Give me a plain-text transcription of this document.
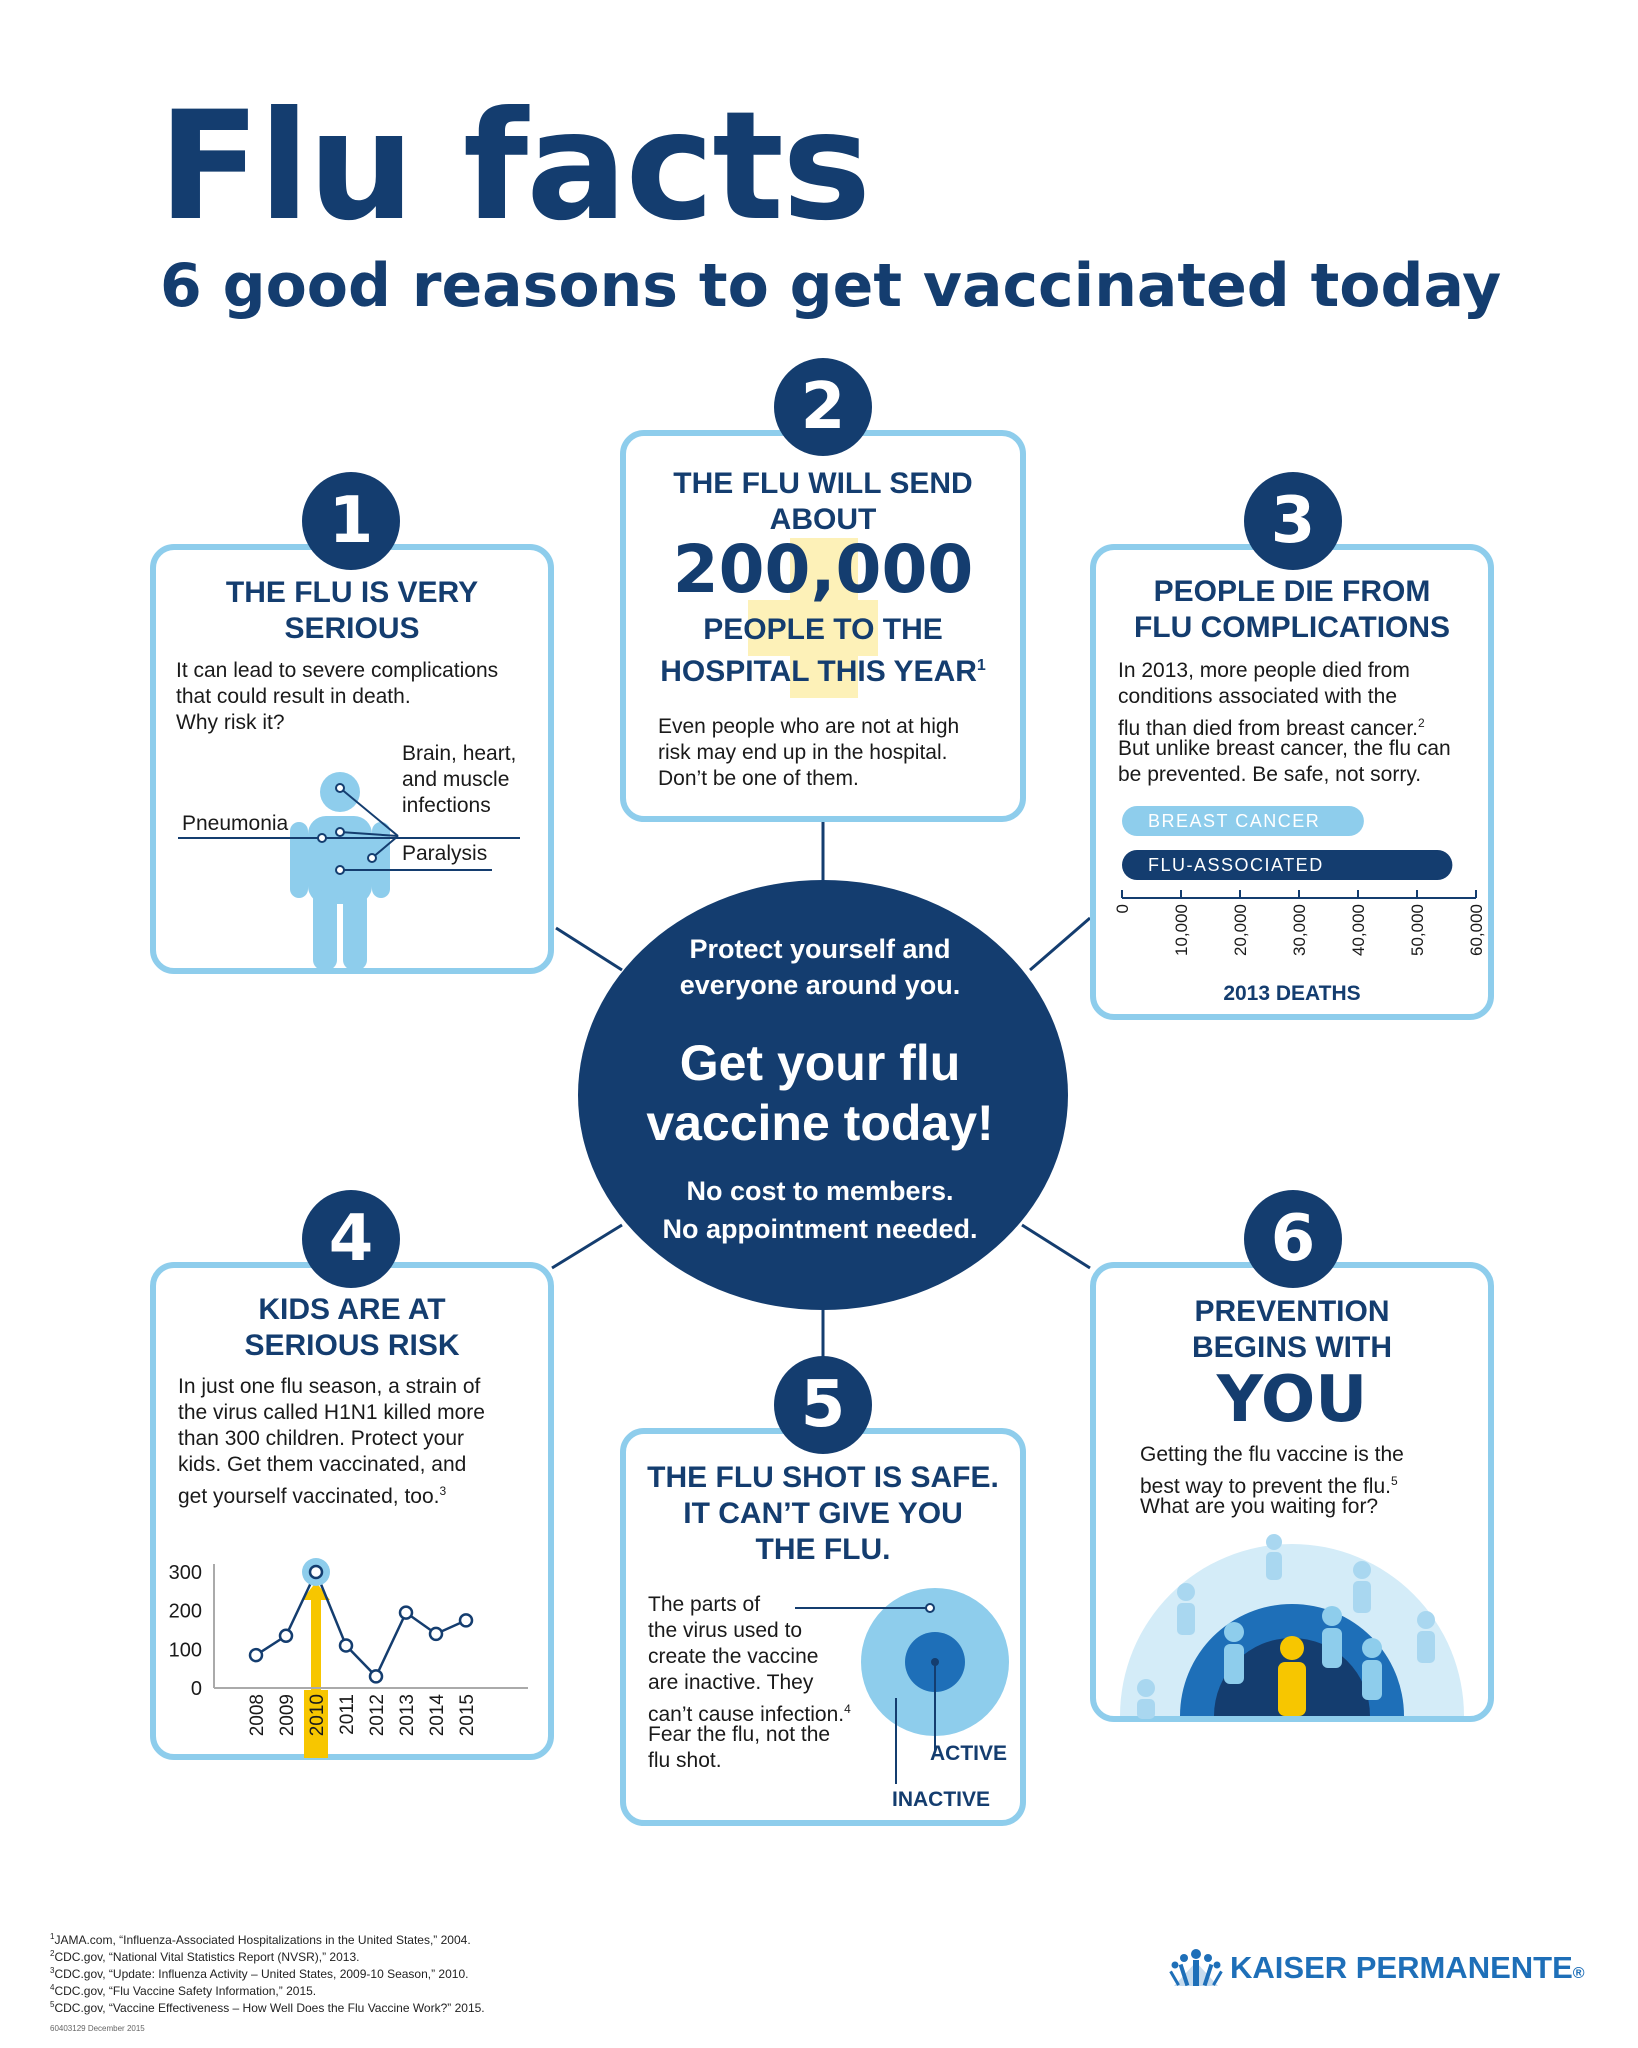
Flu facts
6 good reasons to get vaccinated today
Protect yourself and
everyone around you.
Get your flu
vaccine today!
No cost to members.
No appointment needed.
1
THE FLU IS VERY
SERIOUS
It can lead to severe complications
that could result in death.
Why risk it?
Brain, heart,
and muscle
infections
Pneumonia
Paralysis
2
THE FLU WILL SEND
ABOUT
200,000
PEOPLE TO THE
HOSPITAL THIS YEAR$^1$
Even people who are not at high
risk may end up in the hospital.
Don’t be one of them.
3
PEOPLE DIE FROM
FLU COMPLICATIONS
In 2013, more people died from
conditions associated with the
flu than died from breast cancer.$^2$
But unlike breast cancer, the flu can
be prevented. Be safe, not sorry.
BREAST CANCER
FLU-ASSOCIATED
0 10,000 20,000 30,000 40,000 50,000 60,000
2013 DEATHS
4
KIDS ARE AT
SERIOUS RISK
In just one flu season, a strain of
the virus called H1N1 killed more
than 300 children. Protect your
kids. Get them vaccinated, and
get yourself vaccinated, too.$^3$
0
100
200
300
2008 2009 2010 2011 2012 2013 2014 2015
5
THE FLU SHOT IS SAFE.
IT CAN’T GIVE YOU
THE FLU.
The parts of
the virus used to
create the vaccine
are inactive. They
can’t cause infection.$^4$
Fear the flu, not the
flu shot.	ACTIVE
INACTIVE
6
PREVENTION
BEGINS WITH
YOU
Getting the flu vaccine is the
best way to prevent the flu.$^5$
What are you waiting for?
$^1$JAMA.com, “Influenza-Associated Hospitalizations in the United States,” 2004.
$^2$CDC.gov, “National Vital Statistics Report (NVSR),” 2013.
$^3$CDC.gov, “Update: Influenza Activity – United States, 2009-10 Season,” 2010.
$^4$CDC.gov, “Flu Vaccine Safety Information,” 2015.
$^5$CDC.gov, “Vaccine Effectiveness – How Well Does the Flu Vaccine Work?” 2015.
60403129 December 2015
KAISER PERMANENTE®
